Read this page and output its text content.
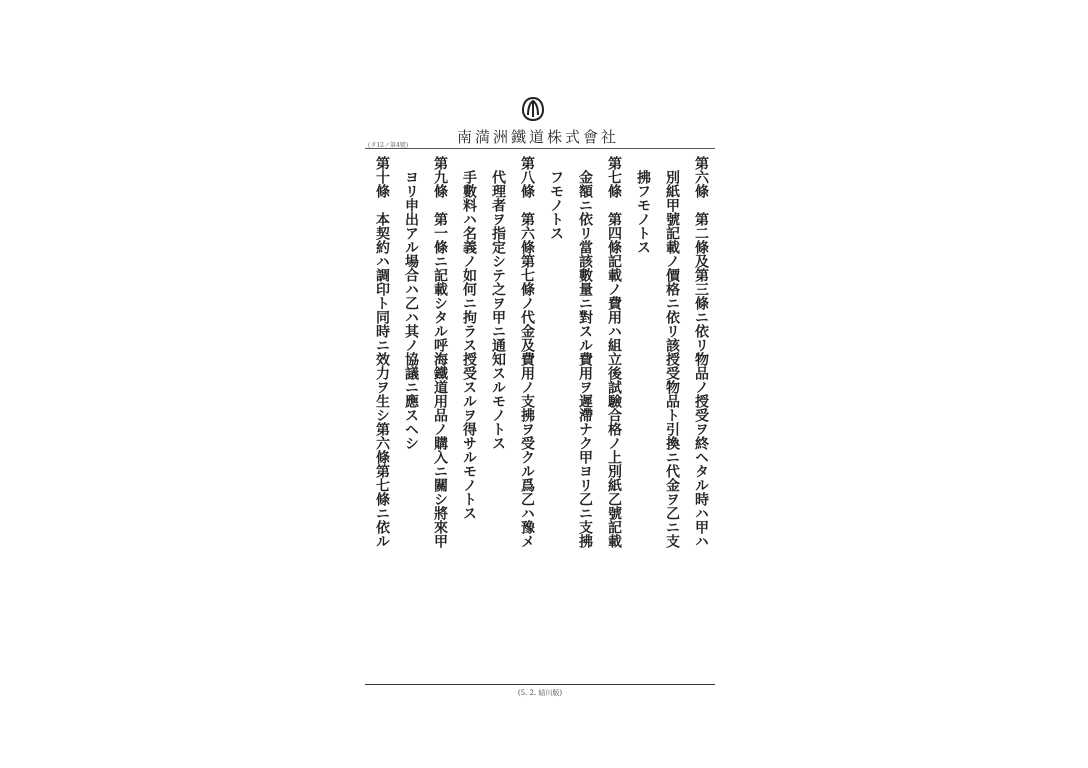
南満洲鐵道株式會社
(タ12ノ第4號)

第六條　第二條及第三條ニ依リ物品ノ授受ヲ終ヘタル時ハ甲ハ

別紙甲號記載ノ價格ニ依リ該授受物品ト引換ニ代金ヲ乙ニ支

拂フモノトス

第七條　第四條記載ノ費用ハ組立後試驗合格ノ上別紙乙號記載

金額ニ依リ當該數量ニ對スル費用ヲ遲滯ナク甲ヨリ乙ニ支拂

フモノトス

第八條　第六條第七條ノ代金及費用ノ支拂ヲ受クル爲乙ハ豫メ

代理者ヲ指定シテ之ヲ甲ニ通知スルモノトス

手數料ハ名義ノ如何ニ拘ラス授受スルヲ得サルモノトス

第九條　第一條ニ記載シタル呼海鐵道用品ノ購入ニ關シ將來甲

ヨリ申出アル場合ハ乙ハ其ノ協議ニ應スヘシ

第十條　本契約ハ調印ト同時ニ效力ヲ生シ第六條第七條ニ依ル

(5. 2. 結川版)
